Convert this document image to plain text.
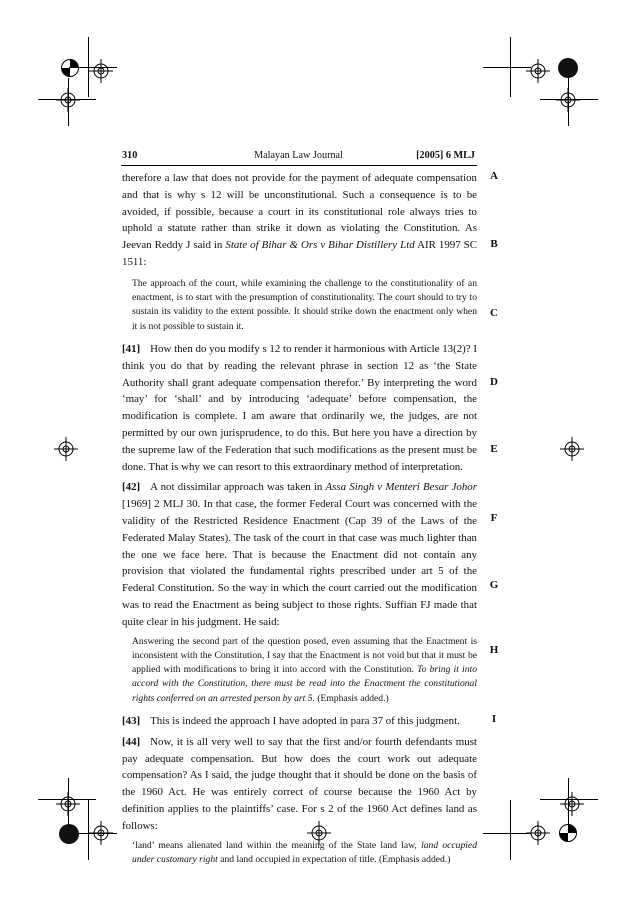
310	Malayan Law Journal	[2005] 6 MLJ

therefore a law that does not provide for the payment of adequate compensation and that is why s 12 will be unconstitutional. Such a consequence is to be avoided, if possible, because a court in its constitutional role always tries to uphold a statute rather than strike it down as violating the Constitution. As Jeevan Reddy J said in State of Bihar & Ors v Bihar Distillery Ltd AIR 1997 SC 1511:

The approach of the court, while examining the challenge to the constitutionality of an enactment, is to start with the presumption of constitutionality. The court should to try to sustain its validity to the extent possible. It should strike down the enactment only when it is not possible to sustain it.

[41] How then do you modify s 12 to render it harmonious with Article 13(2)? I think you do that by reading the relevant phrase in section 12 as ‘the State Authority shall grant adequate compensation therefor.’ By interpreting the word ‘may’ for ‘shall’ and by introducing ‘adequate’ before compensation, the modification is complete. I am aware that ordinarily we, the judges, are not permitted by our own jurisprudence, to do this. But here you have a direction by the supreme law of the Federation that such modifications as the present must be done. That is why we can resort to this extraordinary method of interpretation.

[42] A not dissimilar approach was taken in Assa Singh v Menteri Besar Johor [1969] 2 MLJ 30. In that case, the former Federal Court was concerned with the validity of the Restricted Residence Enactment (Cap 39 of the Laws of the Federated Malay States). The task of the court in that case was much lighter than the one we face here. That is because the Enactment did not contain any provision that violated the fundamental rights prescribed under art 5 of the Federal Constitution. So the way in which the court carried out the modification was to read the Enactment as being subject to those rights. Suffian FJ made that quite clear in his judgment. He said:

Answering the second part of the question posed, even assuming that the Enactment is inconsistent with the Constitution, I say that the Enactment is not void but that it must be applied with modifications to bring it into accord with the Constitution. To bring it into accord with the Constitution, there must be read into the Enactment the constitutional rights conferred on an arrested person by art 5. (Emphasis added.)

[43] This is indeed the approach I have adopted in para 37 of this judgment.

[44] Now, it is all very well to say that the first and/or fourth defendants must pay adequate compensation. But how does the court work out adequate compensation? As I said, the judge thought that it should be done on the basis of the 1960 Act. He was entirely correct of course because the 1960 Act by definition applies to the plaintiffs’ case. For s 2 of the 1960 Act defines land as follows:

‘land’ means alienated land within the meaning of the State land law, land occupied under customary right and land occupied in expectation of title. (Emphasis added.)
A
B
C
D
E
F
G
H
I
